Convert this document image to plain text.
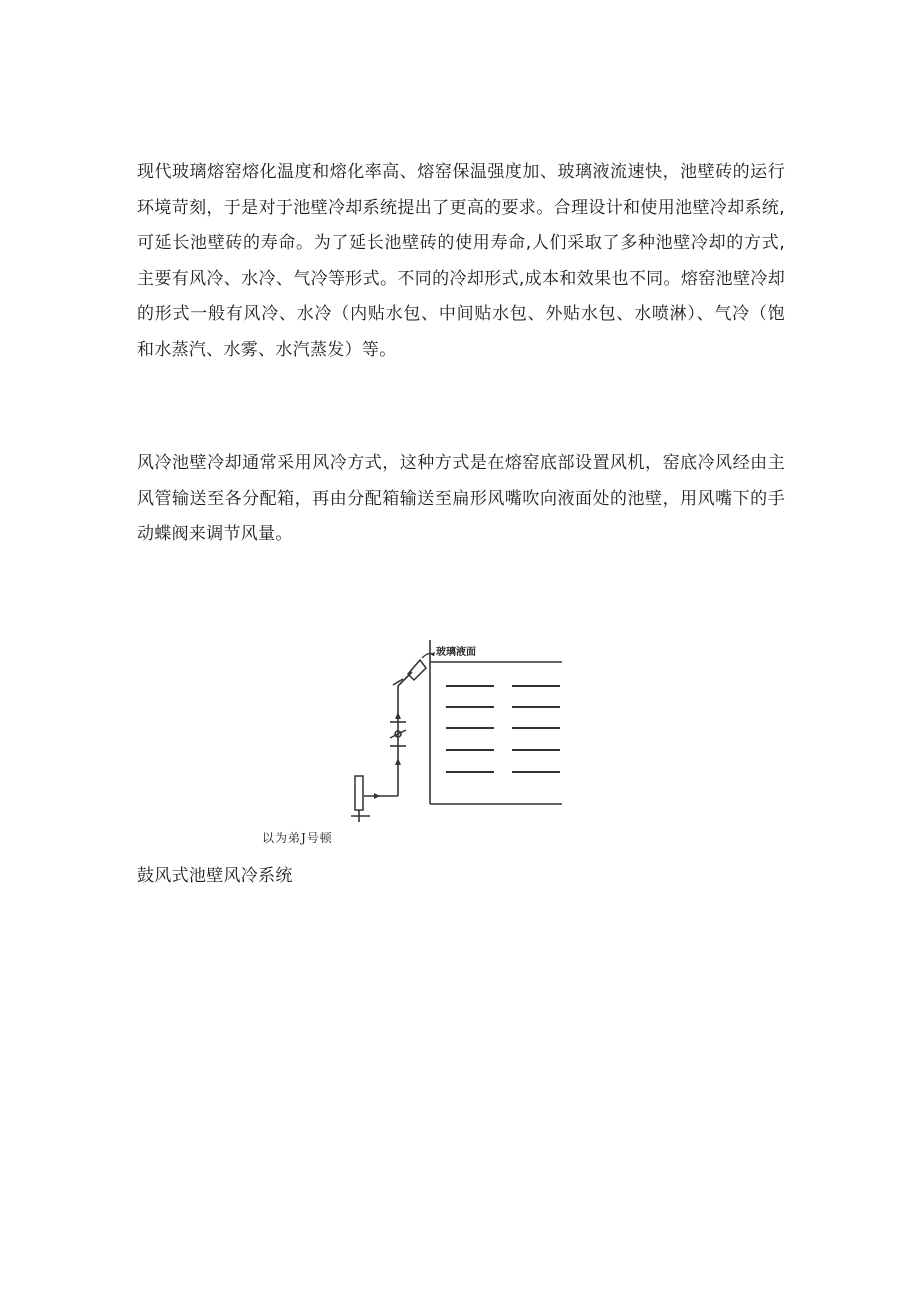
现代玻璃熔窑熔化温度和熔化率高、熔窑保温强度加、玻璃液流速快，池壁砖的运行环境苛刻，于是对于池壁冷却系统提出了更高的要求。合理设计和使用池壁冷却系统,可延长池壁砖的寿命。为了延长池壁砖的使用寿命,人们采取了多种池壁冷却的方式,主要有风冷、水冷、气冷等形式。不同的冷却形式,成本和效果也不同。熔窑池壁冷却的形式一般有风冷、水冷（内贴水包、中间贴水包、外贴水包、水喷淋）、气冷（饱和水蒸汽、水雾、水汽蒸发）等。

风冷池壁冷却通常采用风冷方式，这种方式是在熔窑底部设置风机，窑底冷风经由主风管输送至各分配箱，再由分配箱输送至扁形风嘴吹向液面处的池壁，用风嘴下的手动蝶阀来调节风量。

玻璃液面
以为弟J号顿
鼓风式池壁风冷系统
